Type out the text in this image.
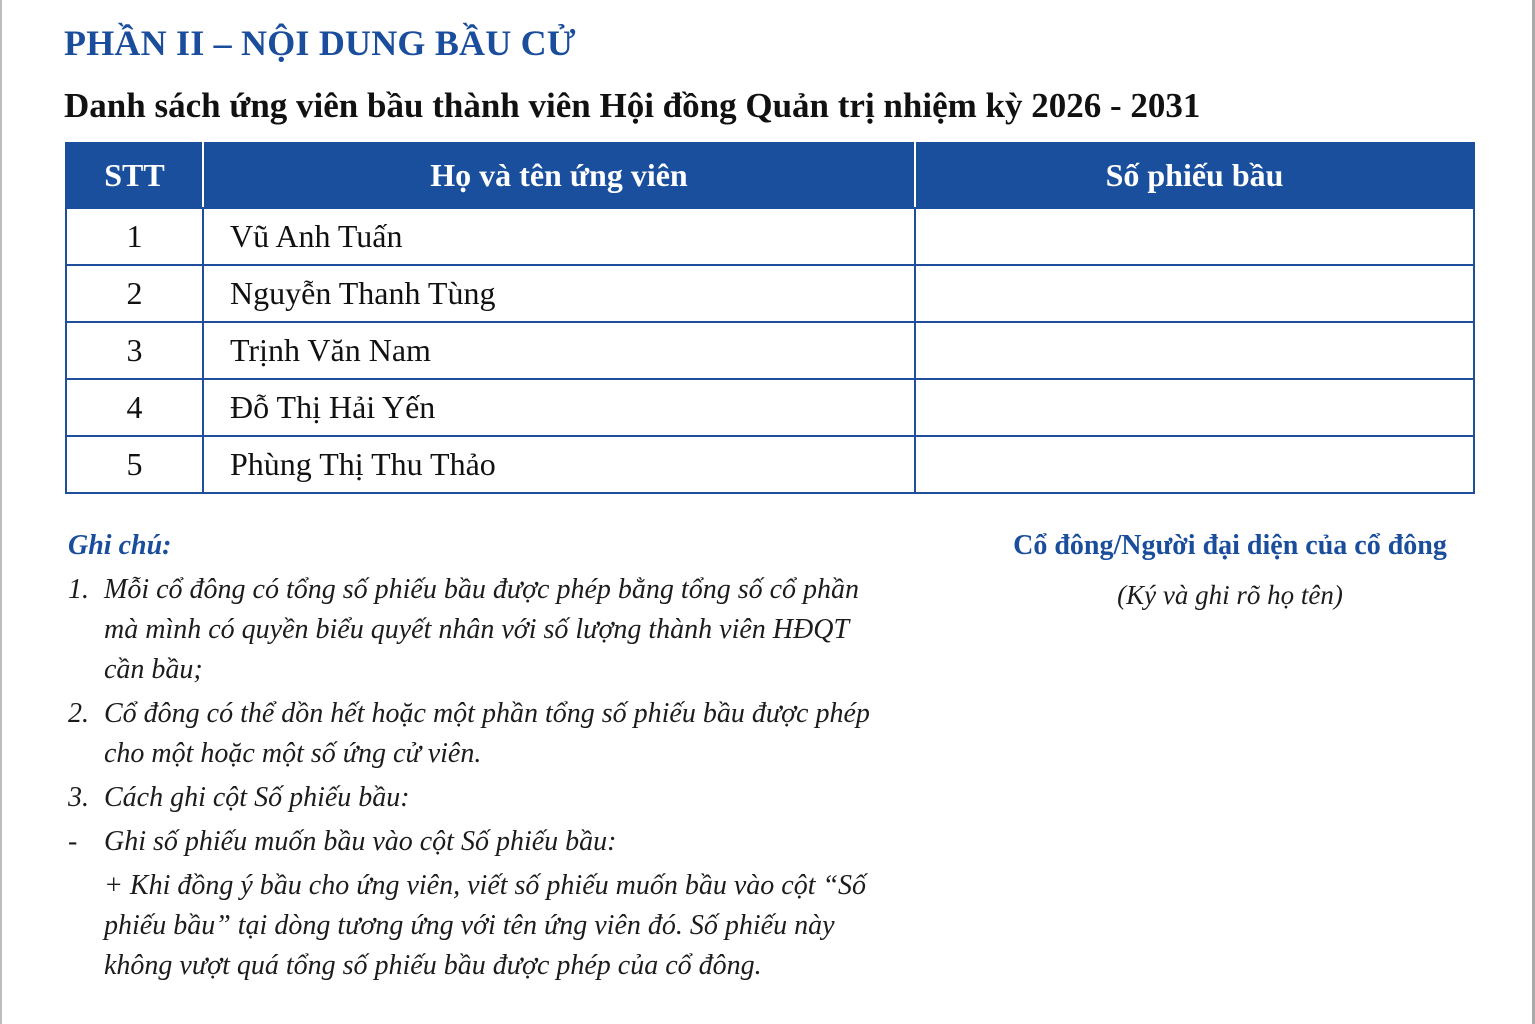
PHẦN II – NỘI DUNG BẦU CỬ
Danh sách ứng viên bầu thành viên Hội đồng Quản trị nhiệm kỳ 2026 - 2031
STT	Họ và tên ứng viên	Số phiếu bầu
1	Vũ Anh Tuấn	
2	Nguyễn Thanh Tùng	
3	Trịnh Văn Nam	
4	Đỗ Thị Hải Yến	
5	Phùng Thị Thu Thảo	
Ghi chú:
1. Mỗi cổ đông có tổng số phiếu bầu được phép bằng tổng số cổ phần mà mình có quyền biểu quyết nhân với số lượng thành viên HĐQT cần bầu;
2. Cổ đông có thể dồn hết hoặc một phần tổng số phiếu bầu được phép cho một hoặc một số ứng cử viên.
3. Cách ghi cột Số phiếu bầu:
- Ghi số phiếu muốn bầu vào cột Số phiếu bầu:
+ Khi đồng ý bầu cho ứng viên, viết số phiếu muốn bầu vào cột “Số phiếu bầu” tại dòng tương ứng với tên ứng viên đó. Số phiếu này không vượt quá tổng số phiếu bầu được phép của cổ đông.
Cổ đông/Người đại diện của cổ đông
(Ký và ghi rõ họ tên)
